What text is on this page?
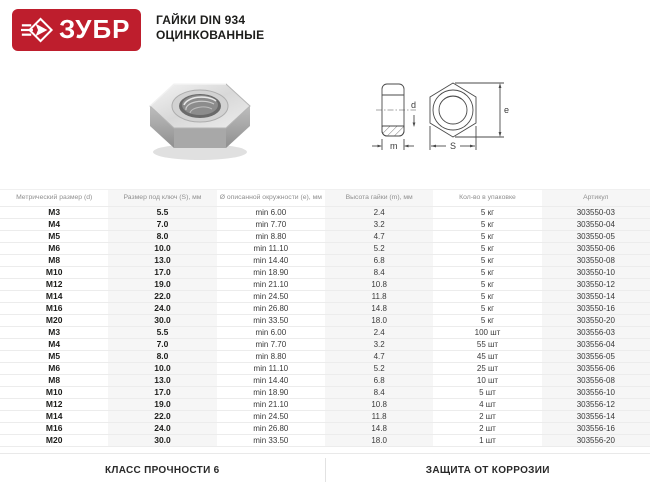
ЗУБР ГАЙКИ DIN 934
ОЦИНКОВАННЫЕ
d
m
e
S
Метрический размер (d)	Размер под ключ (S), мм	Ø описанной окружности (e), мм	Высота гайки (m), мм	Кол-во в упаковке	Артикул
М3	5.5	min 6.00	2.4	5 кг	303550-03
М4	7.0	min 7.70	3.2	5 кг	303550-04
М5	8.0	min 8.80	4.7	5 кг	303550-05
М6	10.0	min 11.10	5.2	5 кг	303550-06
М8	13.0	min 14.40	6.8	5 кг	303550-08
М10	17.0	min 18.90	8.4	5 кг	303550-10
М12	19.0	min 21.10	10.8	5 кг	303550-12
М14	22.0	min 24.50	11.8	5 кг	303550-14
М16	24.0	min 26.80	14.8	5 кг	303550-16
М20	30.0	min 33.50	18.0	5 кг	303550-20
М3	5.5	min 6.00	2.4	100 шт	303556-03
М4	7.0	min 7.70	3.2	55 шт	303556-04
М5	8.0	min 8.80	4.7	45 шт	303556-05
М6	10.0	min 11.10	5.2	25 шт	303556-06
М8	13.0	min 14.40	6.8	10 шт	303556-08
М10	17.0	min 18.90	8.4	5 шт	303556-10
М12	19.0	min 21.10	10.8	4 шт	303556-12
М14	22.0	min 24.50	11.8	2 шт	303556-14
М16	24.0	min 26.80	14.8	2 шт	303556-16
М20	30.0	min 33.50	18.0	1 шт	303556-20
КЛАСС ПРОЧНОСТИ 6	ЗАЩИТА ОТ КОРРОЗИИ
